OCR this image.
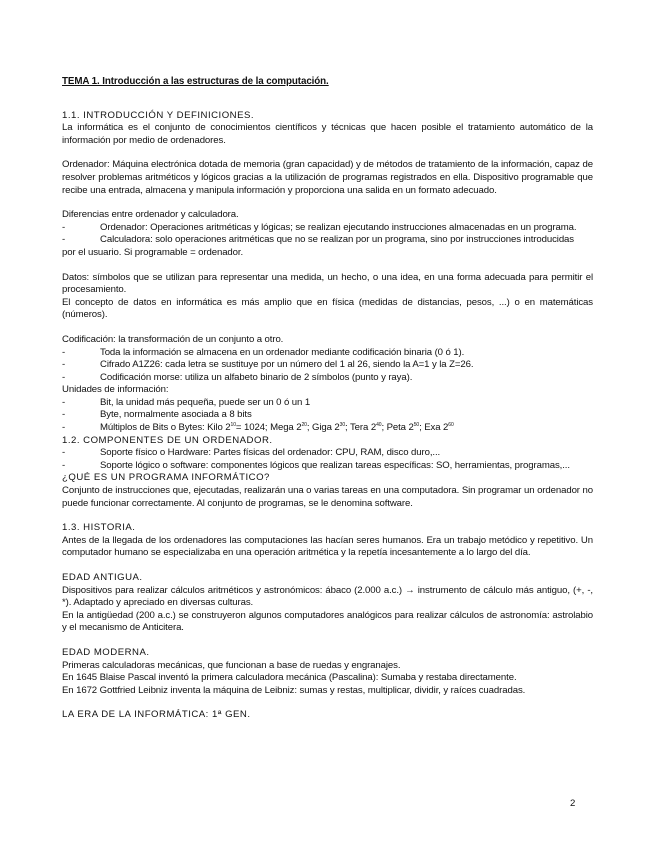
TEMA 1. Introducción a las estructuras de la computación.
1.1. INTRODUCCIÓN Y DEFINICIONES.

La informática es el conjunto de conocimientos científicos y técnicas que hacen posible el tratamiento automático de la información por medio de ordenadores.

Ordenador: Máquina electrónica dotada de memoria (gran capacidad) y de métodos de tratamiento de la información, capaz de resolver problemas aritméticos y lógicos gracias a la utilización de programas registrados en ella. Dispositivo programable que recibe una entrada, almacena y manipula información y proporciona una salida en un formato adecuado.

Diferencias entre ordenador y calculadora.

-	Ordenador: Operaciones aritméticas y lógicas; se realizan ejecutando instrucciones almacenadas en un programa.
-	Calculadora: solo operaciones aritméticas que no se realizan por un programa, sino por instrucciones introducidas

por el usuario. Si programable = ordenador.

Datos: símbolos que se utilizan para representar una medida, un hecho, o una idea, en una forma adecuada para permitir el procesamiento.

El concepto de datos en informática es más amplio que en física (medidas de distancias, pesos, ...) o en matemáticas (números).

Codificación: la transformación de un conjunto a otro.

-	Toda la información se almacena en un ordenador mediante codificación binaria (0 ó 1).
-	Cifrado A1Z26: cada letra se sustituye por un número del 1 al 26, siendo la A=1 y la Z=26.
-	Codificación morse: utiliza un alfabeto binario de 2 símbolos (punto y raya).

Unidades de información:

-	Bit, la unidad más pequeña, puede ser un 0 ó un 1
-	Byte, normalmente asociada a 8 bits
-	Múltiplos de Bits o Bytes: Kilo $2^{10}= 1024$; Mega $2^{20}$; Giga $2^{30}$; Tera $2^{40}$; Peta $2^{50}$; Exa $2^{60}$
1.2. COMPONENTES DE UN ORDENADOR.
-	Soporte físico o Hardware: Partes físicas del ordenador: CPU, RAM, disco duro,...
-	Soporte lógico o software: componentes lógicos que realizan tareas específicas: SO, herramientas, programas,...
¿QUÉ ES UN PROGRAMA INFORMÁTICO?

Conjunto de instrucciones que, ejecutadas, realizarán una o varias tareas en una computadora. Sin programar un ordenador no puede funcionar correctamente. Al conjunto de programas, se le denomina software.

1.3. HISTORIA.

Antes de la llegada de los ordenadores las computaciones las hacían seres humanos. Era un trabajo metódico y repetitivo. Un computador humano se especializaba en una operación aritmética y la repetía incesantemente a lo largo del día.

EDAD ANTIGUA.

Dispositivos para realizar cálculos aritméticos y astronómicos: ábaco (2.000 a.c.) → instrumento de cálculo más antiguo, (+, -, *). Adaptado y apreciado en diversas culturas.

En la antigüedad (200 a.c.) se construyeron algunos computadores analógicos para realizar cálculos de astronomía: astrolabio y el mecanismo de Anticitera.

EDAD MODERNA.

Primeras calculadoras mecánicas, que funcionan a base de ruedas y engranajes.

En 1645 Blaise Pascal inventó la primera calculadora mecánica (Pascalina): Sumaba y restaba directamente.

En 1672 Gottfried Leibniz inventa la máquina de Leibniz: sumas y restas, multiplicar, dividir, y raíces cuadradas.

LA ERA DE LA INFORMÁTICA: 1ª GEN.
2
